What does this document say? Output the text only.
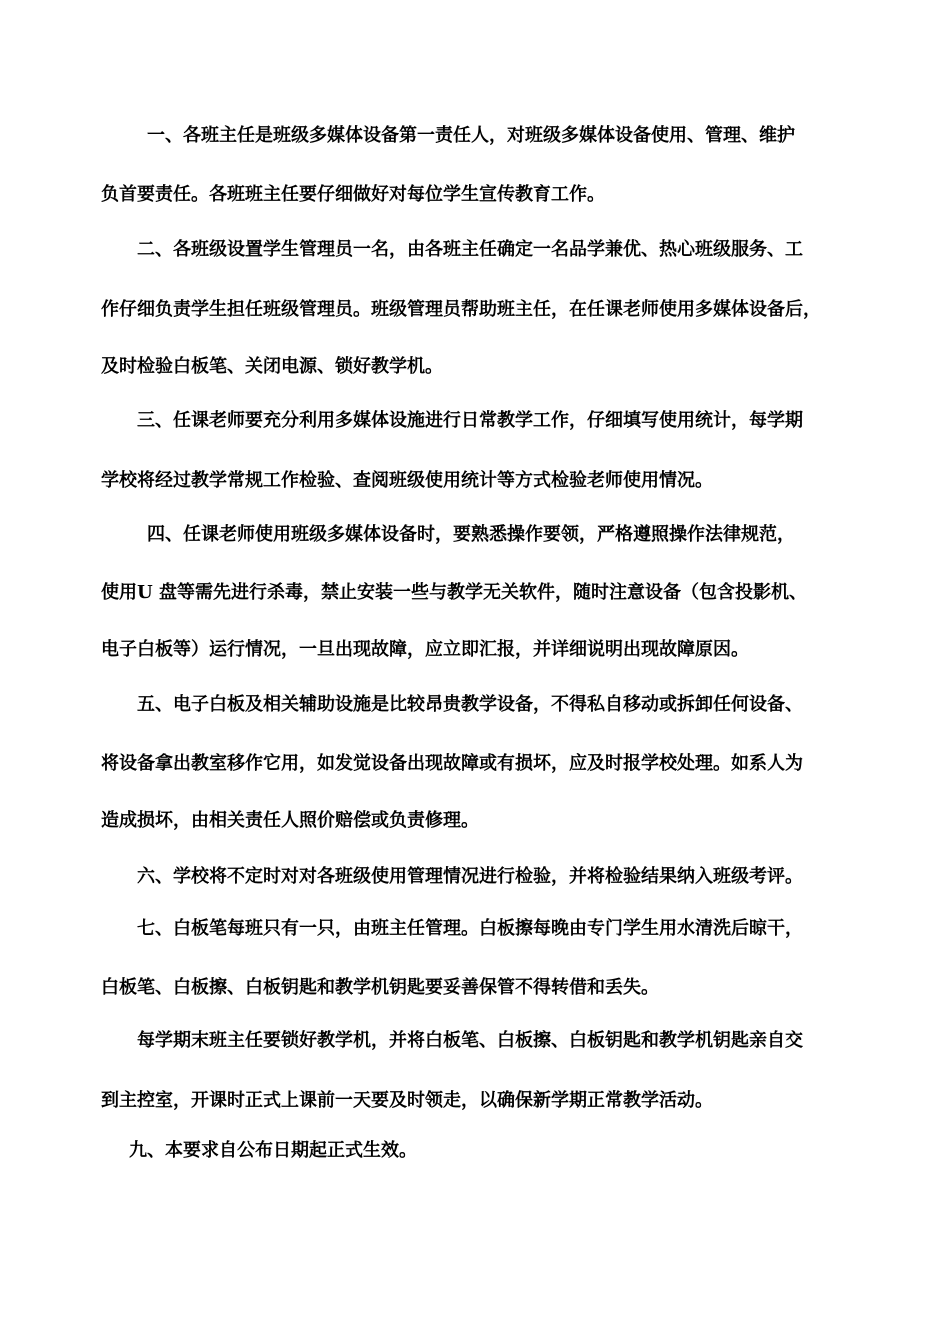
一、各班主任是班级多媒体设备第一责任人，对班级多媒体设备使用、管理、维护
负首要责任。各班班主任要仔细做好对每位学生宣传教育工作。
二、各班级设置学生管理员一名，由各班主任确定一名品学兼优、热心班级服务、工
作仔细负责学生担任班级管理员。班级管理员帮助班主任，在任课老师使用多媒体设备后，
及时检验白板笔、关闭电源、锁好教学机。
三、任课老师要充分利用多媒体设施进行日常教学工作，仔细填写使用统计，每学期
学校将经过教学常规工作检验、查阅班级使用统计等方式检验老师使用情况。
四、任课老师使用班级多媒体设备时，要熟悉操作要领，严格遵照操作法律规范，
使用U 盘等需先进行杀毒，禁止安装一些与教学无关软件，随时注意设备（包含投影机、
电子白板等）运行情况，一旦出现故障，应立即汇报，并详细说明出现故障原因。
五、电子白板及相关辅助设施是比较昂贵教学设备，不得私自移动或拆卸任何设备、
将设备拿出教室移作它用，如发觉设备出现故障或有损坏，应及时报学校处理。如系人为
造成损坏，由相关责任人照价赔偿或负责修理。
六、学校将不定时对对各班级使用管理情况进行检验，并将检验结果纳入班级考评。
七、白板笔每班只有一只，由班主任管理。白板擦每晚由专门学生用水清洗后晾干，
白板笔、白板擦、白板钥匙和教学机钥匙要妥善保管不得转借和丢失。
每学期末班主任要锁好教学机，并将白板笔、白板擦、白板钥匙和教学机钥匙亲自交
到主控室，开课时正式上课前一天要及时领走，以确保新学期正常教学活动。
九、本要求自公布日期起正式生效。
